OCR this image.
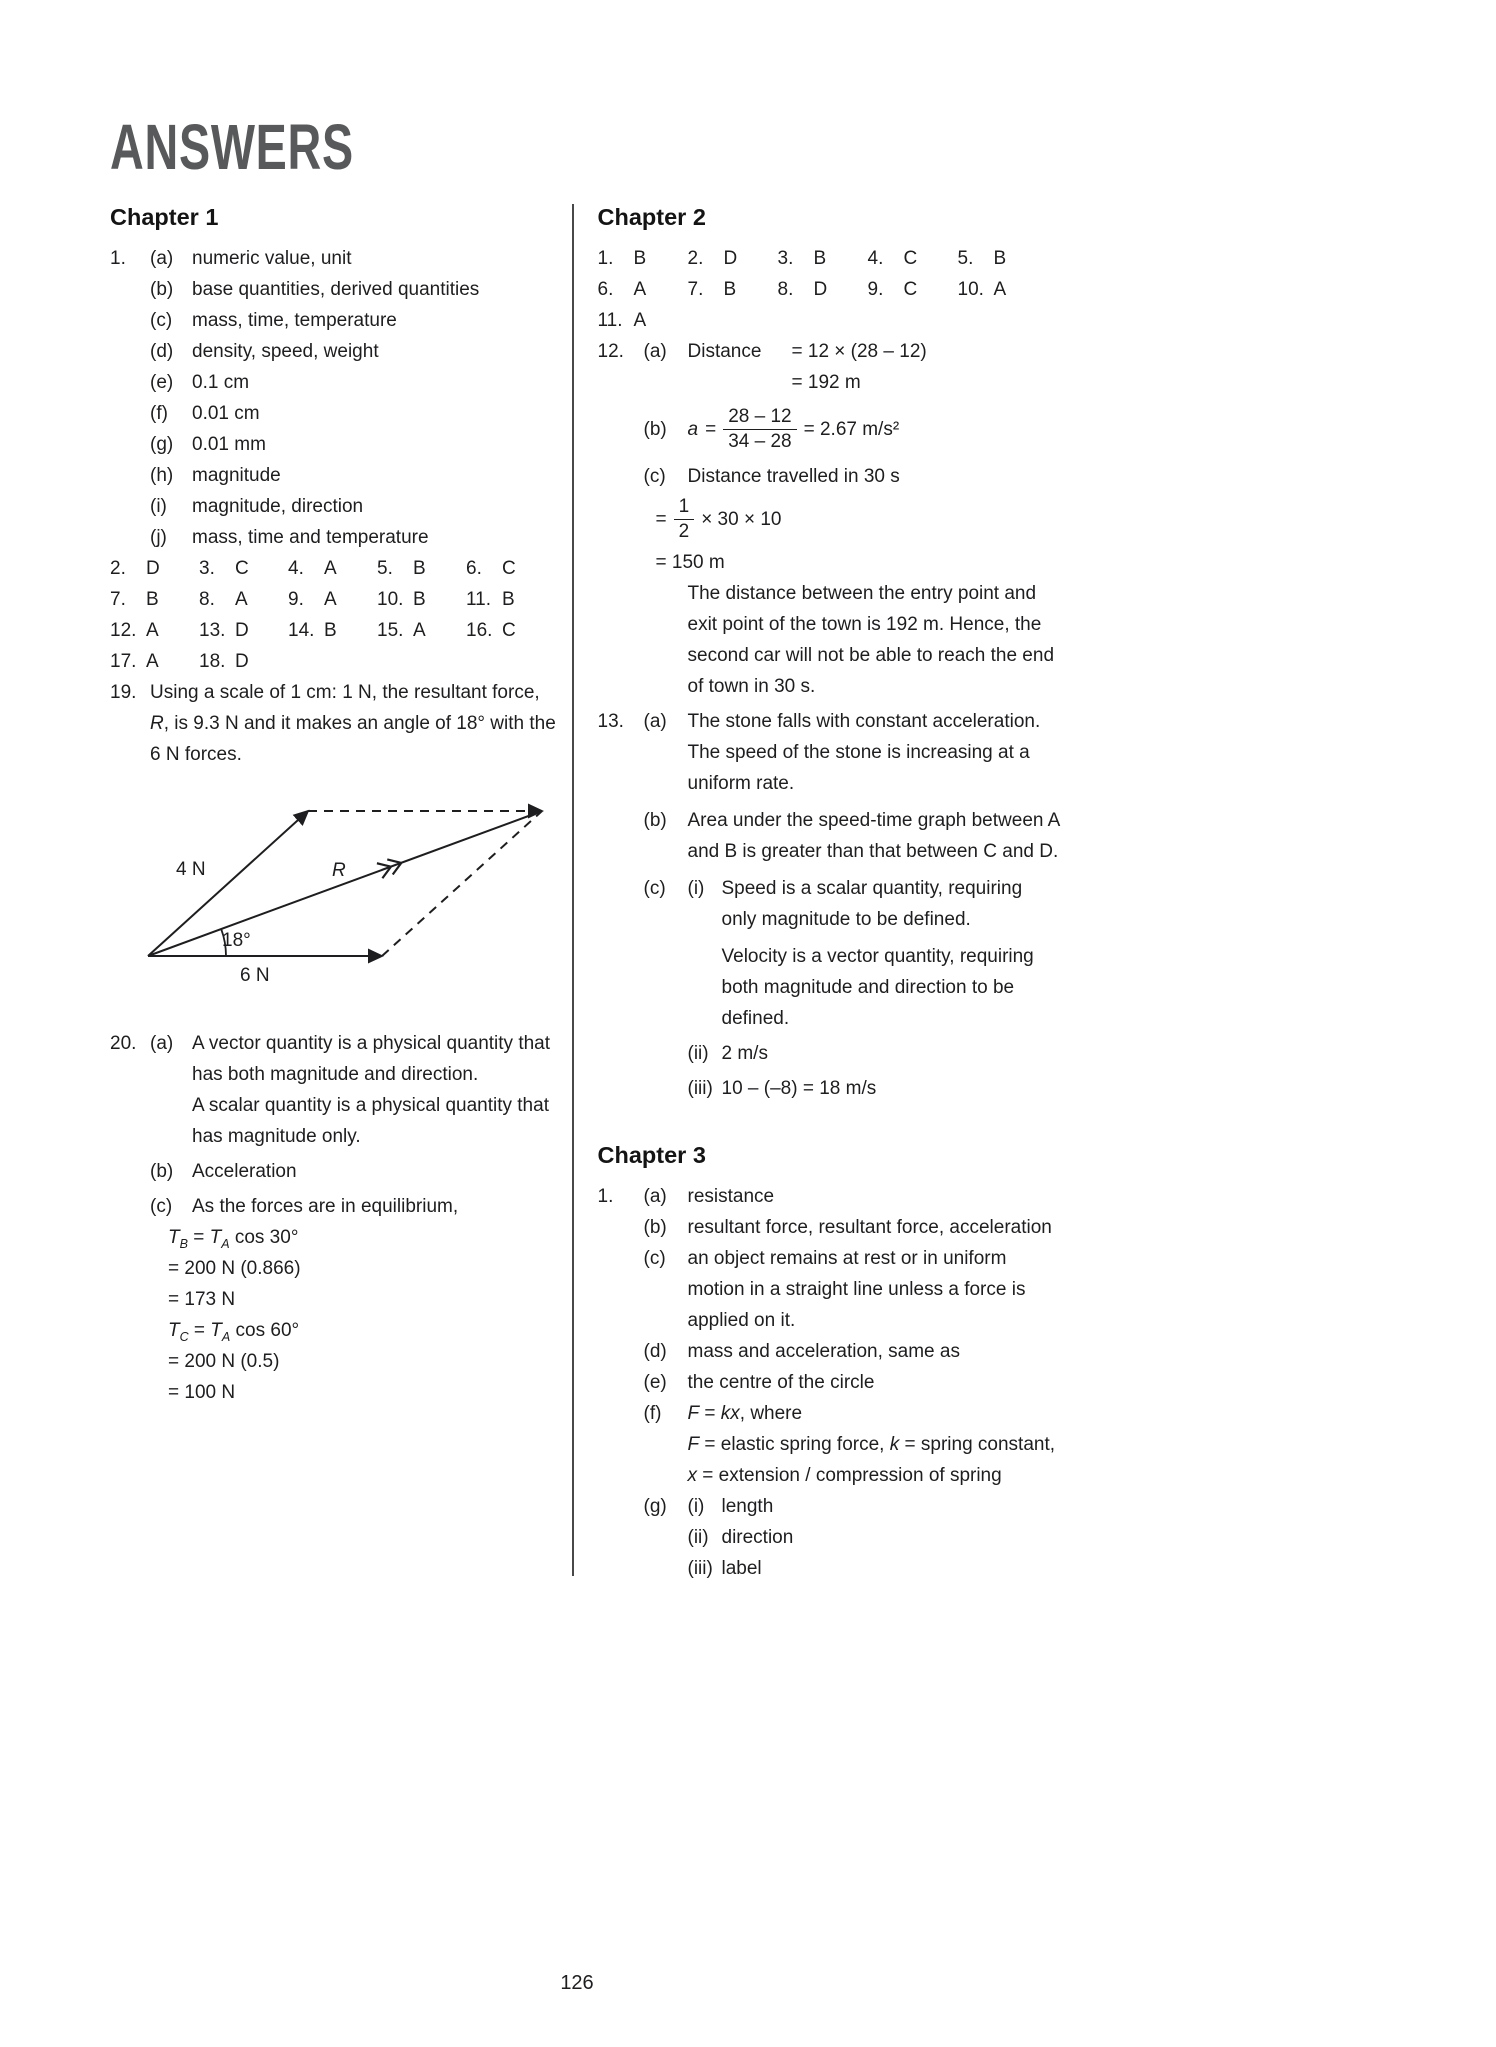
ANSWERS
Chapter 1
1.	(a) numeric value, unit
(b) base quantities, derived quantities
(c)	mass, time, temperature
(d) density, speed, weight
(e) 0.1 cm
(f)	0.01 cm
(g) 0.01 mm
(h) magnitude
(i)	magnitude, direction
(j)	mass, time and temperature
2.	D 3.	C 4.	A 5.	B 6.	C
7.	B 8.	A 9.	A 10. B 11. B
12. A 13. D 14. B 15. A 16. C
17. A 18. D
19. Using a scale of 1 cm: 1 N, the resultant force, R, is 9.3 N and it makes an angle of 18° with the 6 N forces.
4 N	R
18°
6 N
20. (a) A vector quantity is a physical quantity that has both magnitude and direction.

A scalar quantity is a physical quantity that has magnitude only.

(b) Acceleration
(c)	As the forces are in equilibrium,

$T_B = T_A$ cos 30°

= 200 N (0.866)

= 173 N

$T_C = T_A$ cos 60°

= 200 N (0.5)

= 100 N

Chapter 2
1.	B 2.	D 3.	B 4.	C 5.	B
6.	A 7.	B 8.	D 9.	C 10. A
11. A
12.	(a)	Distance	= 12 × (28 – 12)
= 192 m
(b)	$a = \frac{28 - 12}{34 - 28} = 2.67$ m/s²
(c)	Distance travelled in 30 s

= $\frac{1}{2} \times 30 \times 10$

= 150 m

The distance between the entry point and exit point of the town is 192 m. Hence, the second car will not be able to reach the end of town in 30 s.

13.	(a)	The stone falls with constant acceleration. The speed of the stone is increasing at a uniform rate.
(b)	Area under the speed-time graph between A and B is greater than that between C and D.
(c)	(i) Speed is a scalar quantity, requiring only magnitude to be defined.

Velocity is a vector quantity, requiring both magnitude and direction to be defined.

(ii) 2 m/s
(iii) 10 – (–8) = 18 m/s
Chapter 3
1.	(a)	resistance
(b)	resultant force, resultant force, acceleration
(c)	an object remains at rest or in uniform motion in a straight line unless a force is applied on it.
(d)	mass and acceleration, same as
(e)	the centre of the circle
(f)	F = kx, where

F = elastic spring force, k = spring constant, x = extension / compression of spring

(g)	(i) length
(ii) direction
(iii) label
126
